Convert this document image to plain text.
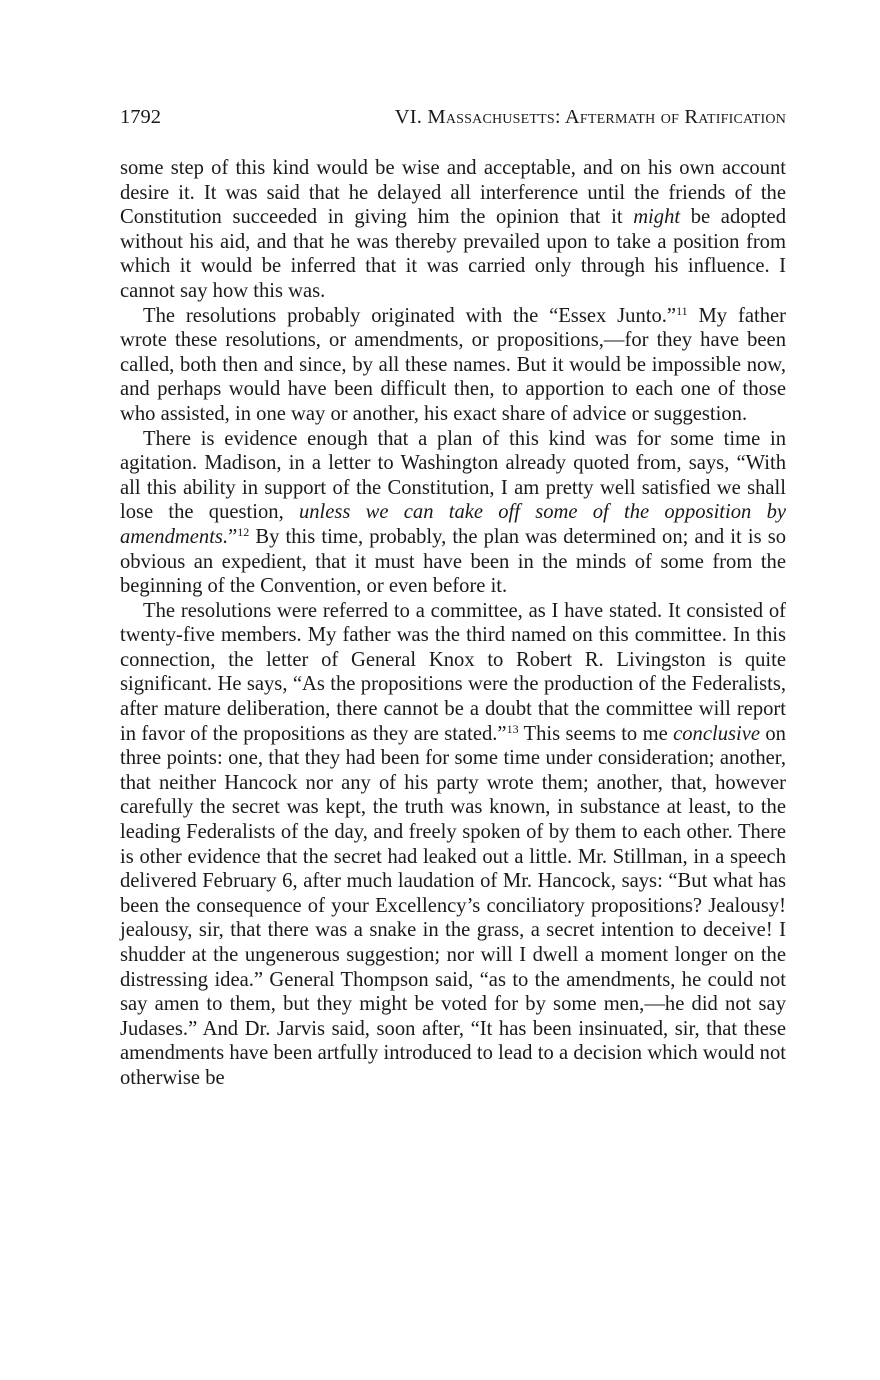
1792	VI. Massachusetts: Aftermath of Ratification

some step of this kind would be wise and acceptable, and on his own account desire it. It was said that he delayed all interference until the friends of the Constitution succeeded in giving him the opinion that it might be adopted without his aid, and that he was thereby prevailed upon to take a position from which it would be inferred that it was carried only through his influence. I cannot say how this was.

The resolutions probably originated with the “Essex Junto.”$^{11}$ My father wrote these resolutions, or amendments, or propositions,—for they have been called, both then and since, by all these names. But it would be impossible now, and perhaps would have been difficult then, to apportion to each one of those who assisted, in one way or another, his exact share of advice or suggestion.

There is evidence enough that a plan of this kind was for some time in agitation. Madison, in a letter to Washington already quoted from, says, “With all this ability in support of the Constitution, I am pretty well satisfied we shall lose the question, unless we can take off some of the opposition by amendments.”$^{12}$ By this time, probably, the plan was determined on; and it is so obvious an expedient, that it must have been in the minds of some from the beginning of the Convention, or even before it.

The resolutions were referred to a committee, as I have stated. It consisted of twenty-five members. My father was the third named on this committee. In this connection, the letter of General Knox to Robert R. Livingston is quite significant. He says, “As the propositions were the production of the Federalists, after mature deliberation, there cannot be a doubt that the committee will report in favor of the propositions as they are stated.”$^{13}$ This seems to me conclusive on three points: one, that they had been for some time under consideration; another, that neither Hancock nor any of his party wrote them; another, that, however carefully the secret was kept, the truth was known, in substance at least, to the leading Federalists of the day, and freely spoken of by them to each other. There is other evidence that the secret had leaked out a little. Mr. Stillman, in a speech delivered February 6, after much laudation of Mr. Hancock, says: “But what has been the consequence of your Excellency’s conciliatory propositions? Jealousy! jealousy, sir, that there was a snake in the grass, a secret intention to deceive! I shudder at the ungenerous suggestion; nor will I dwell a moment longer on the distressing idea.” General Thompson said, “as to the amendments, he could not say amen to them, but they might be voted for by some men,—he did not say Judases.” And Dr. Jarvis said, soon after, “It has been insinuated, sir, that these amendments have been artfully introduced to lead to a decision which would not otherwise be
